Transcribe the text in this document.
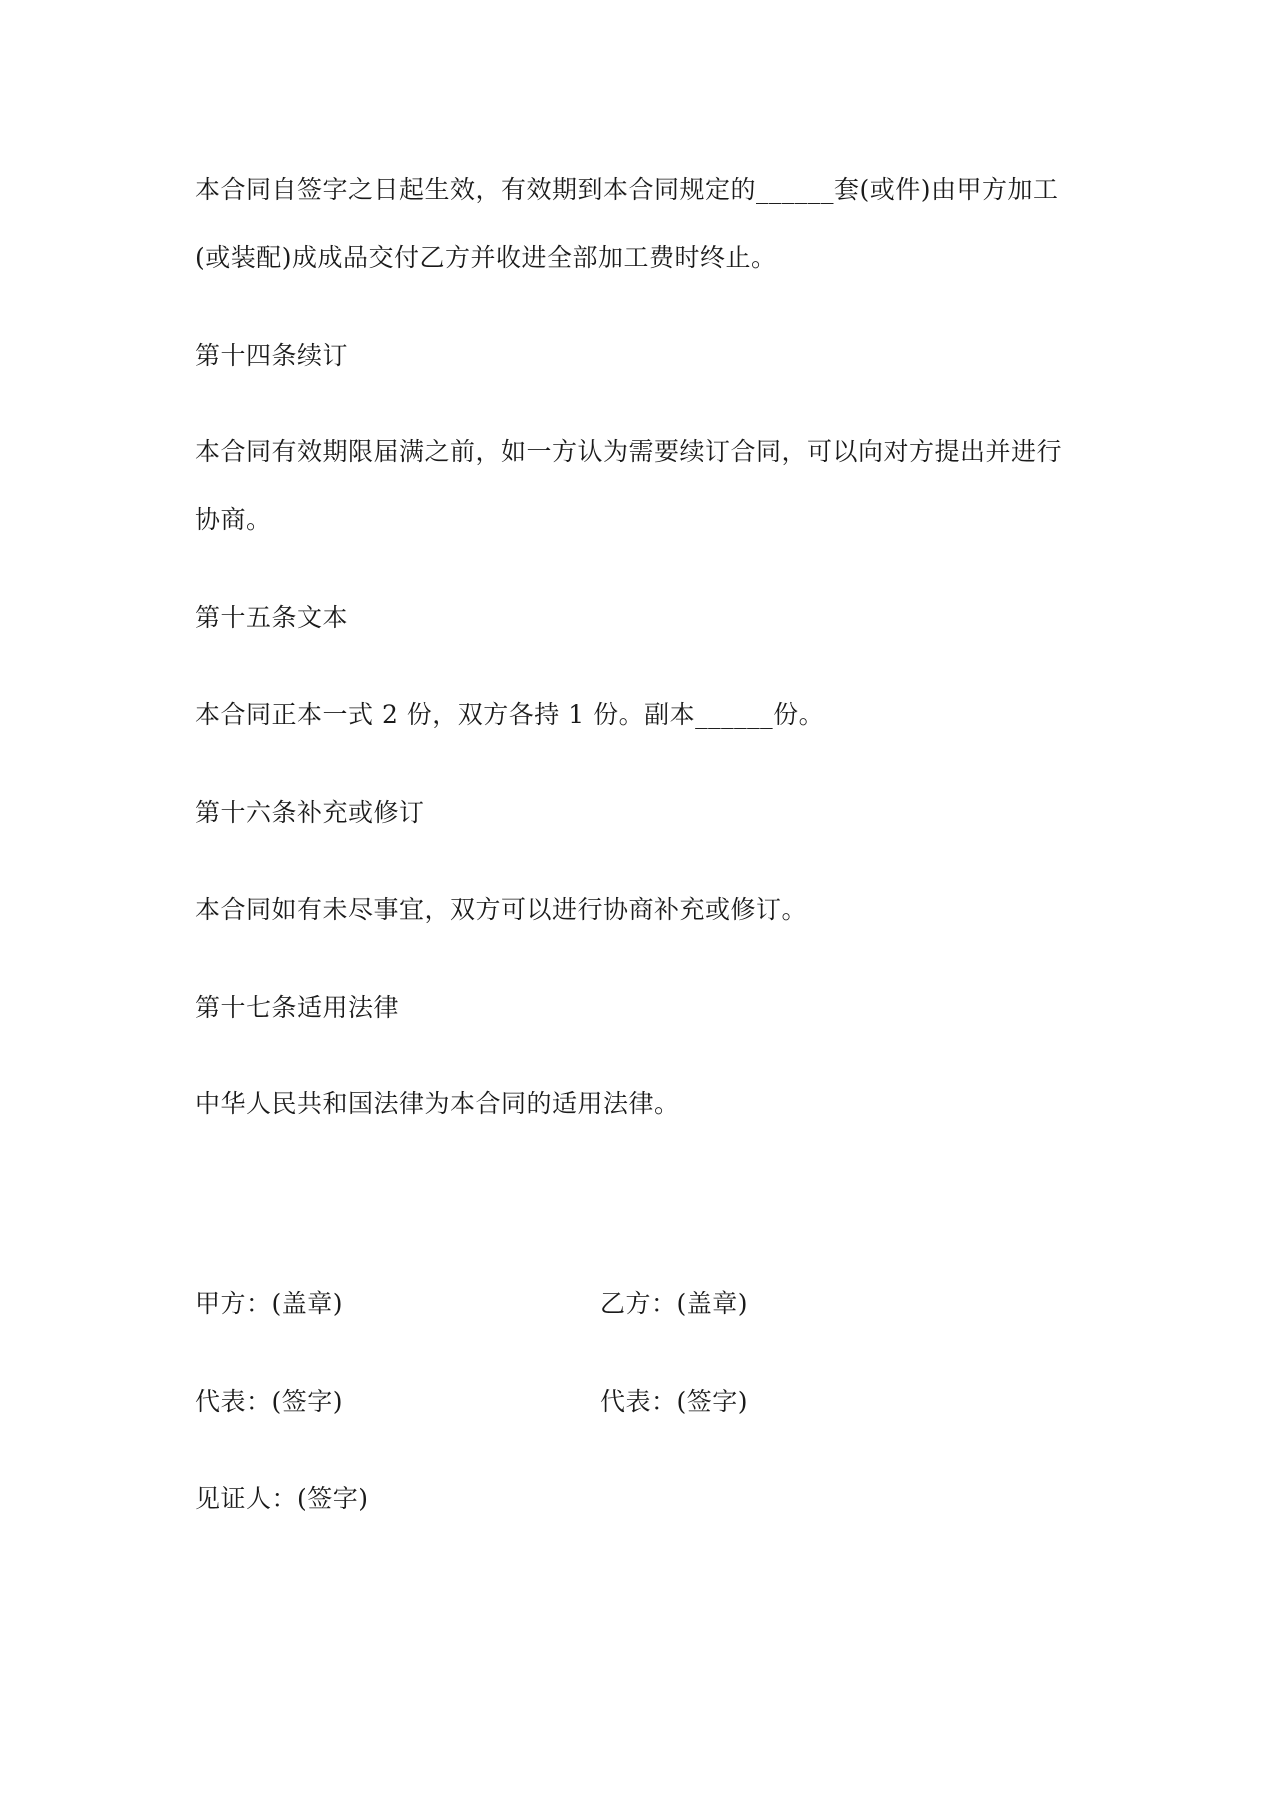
本合同自签字之日起生效，有效期到本合同规定的______套(或件)由甲方加工
(或装配)成成品交付乙方并收进全部加工费时终止。
第十四条续订
本合同有效期限届满之前，如一方认为需要续订合同，可以向对方提出并进行
协商。
第十五条文本
本合同正本一式 2 份，双方各持 1 份。副本______份。
第十六条补充或修订
本合同如有未尽事宜，双方可以进行协商补充或修订。
第十七条适用法律
中华人民共和国法律为本合同的适用法律。
甲方：(盖章)	乙方：(盖章)
代表：(签字)	代表：(签字)
见证人：(签字)
